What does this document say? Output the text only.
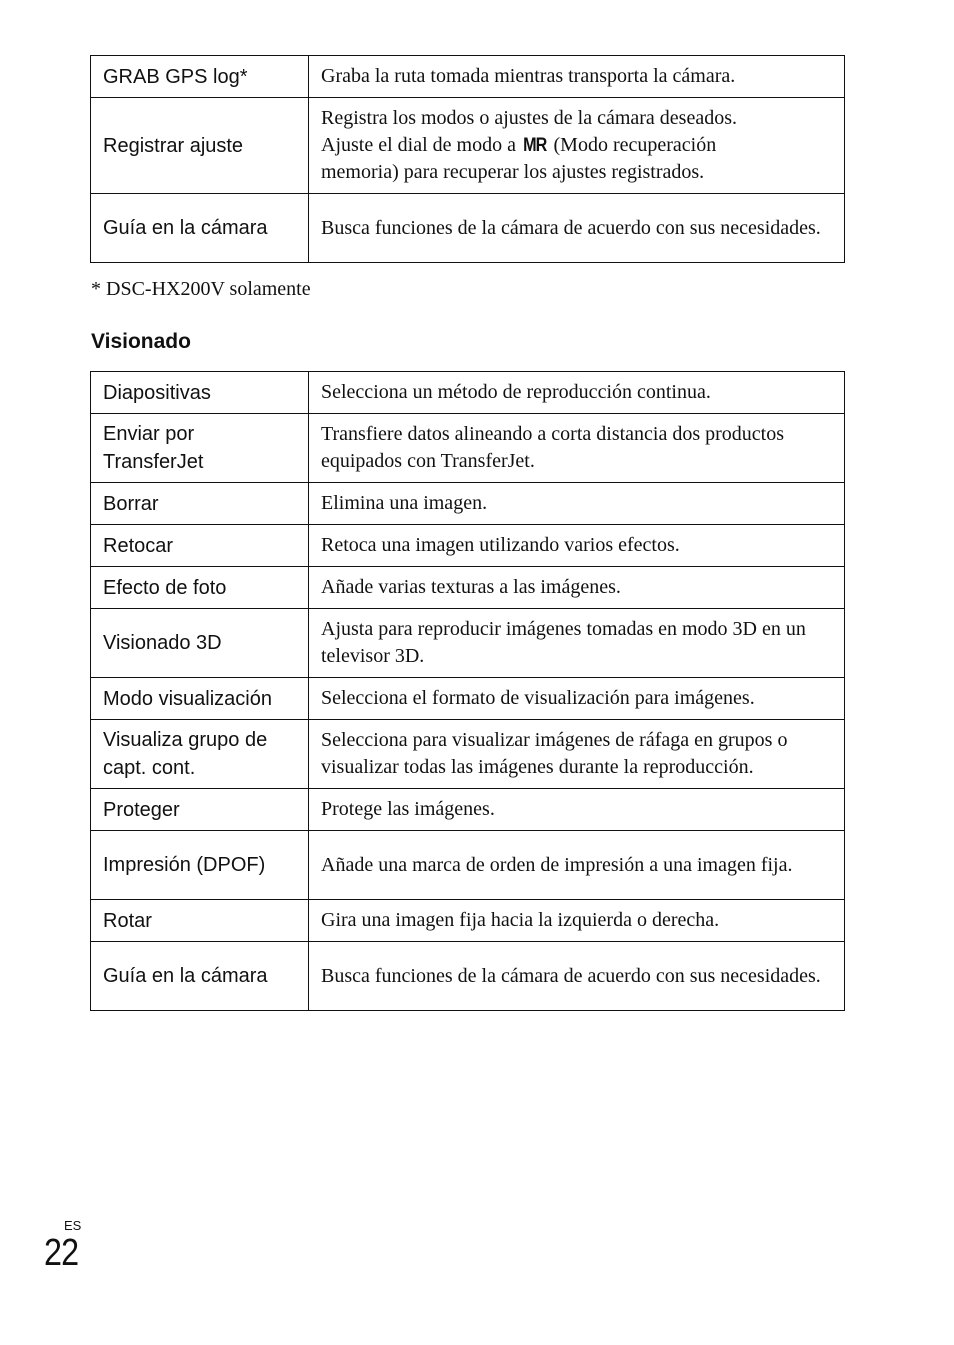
GRAB GPS log*	Graba la ruta tomada mientras transporta la cámara.
Registrar ajuste	Registra los modos o ajustes de la cámara deseados.
Ajuste el dial de modo a MR (Modo recuperación
memoria) para recuperar los ajustes registrados.
Guía en la cámara	Busca funciones de la cámara de acuerdo con sus necesidades.
* DSC-HX200V solamente
Visionado
Diapositivas	Selecciona un método de reproducción continua.
Enviar por
TransferJet	Transfiere datos alineando a corta distancia dos productos equipados con TransferJet.
Borrar	Elimina una imagen.
Retocar	Retoca una imagen utilizando varios efectos.
Efecto de foto	Añade varias texturas a las imágenes.
Visionado 3D	Ajusta para reproducir imágenes tomadas en modo 3D en un televisor 3D.
Modo visualización	Selecciona el formato de visualización para imágenes.
Visualiza grupo de
capt. cont.	Selecciona para visualizar imágenes de ráfaga en grupos o visualizar todas las imágenes durante la reproducción.
Proteger	Protege las imágenes.
Impresión (DPOF)	Añade una marca de orden de impresión a una imagen fija.
Rotar	Gira una imagen fija hacia la izquierda o derecha.
Guía en la cámara	Busca funciones de la cámara de acuerdo con sus necesidades.
ES
22
